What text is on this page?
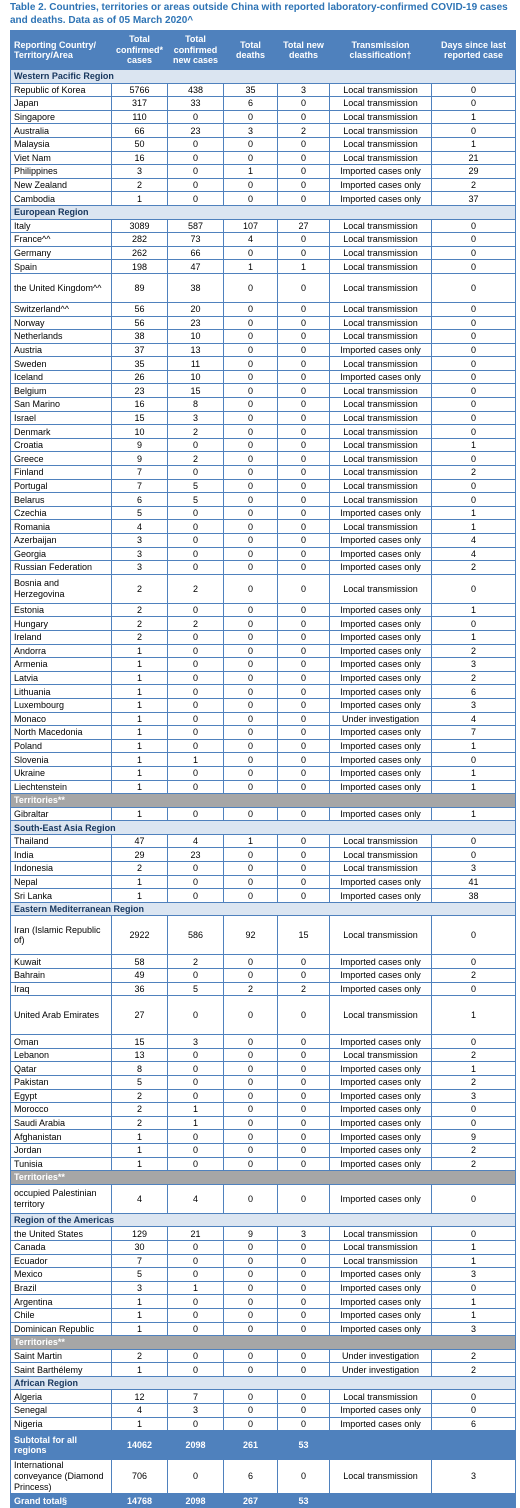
Table 2. Countries, territories or areas outside China with reported laboratory-confirmed COVID-19 cases and deaths. Data as of 05 March 2020^
Reporting Country/ Territory/Area	Total confirmed* cases	Total confirmed new cases	Total deaths	Total new deaths	Transmission classification†	Days since last reported case
Western Pacific Region						
Republic of Korea	5766	438	35	3	Local transmission	0
Japan	317	33	6	0	Local transmission	0
Singapore	110	0	0	0	Local transmission	1
Australia	66	23	3	2	Local transmission	0
Malaysia	50	0	0	0	Local transmission	1
Viet Nam	16	0	0	0	Local transmission	21
Philippines	3	0	1	0	Imported cases only	29
New Zealand	2	0	0	0	Imported cases only	2
Cambodia	1	0	0	0	Imported cases only	37
European Region						
Italy	3089	587	107	27	Local transmission	0
France^^	282	73	4	0	Local transmission	0
Germany	262	66	0	0	Local transmission	0
Spain	198	47	1	1	Local transmission	0
the United Kingdom^^	89	38	0	0	Local transmission	0
Switzerland^^	56	20	0	0	Local transmission	0
Norway	56	23	0	0	Local transmission	0
Netherlands	38	10	0	0	Local transmission	0
Austria	37	13	0	0	Imported cases only	0
Sweden	35	11	0	0	Local transmission	0
Iceland	26	10	0	0	Imported cases only	0
Belgium	23	15	0	0	Local transmission	0
San Marino	16	8	0	0	Local transmission	0
Israel	15	3	0	0	Local transmission	0
Denmark	10	2	0	0	Local transmission	0
Croatia	9	0	0	0	Local transmission	1
Greece	9	2	0	0	Local transmission	0
Finland	7	0	0	0	Local transmission	2
Portugal	7	5	0	0	Local transmission	0
Belarus	6	5	0	0	Local transmission	0
Czechia	5	0	0	0	Imported cases only	1
Romania	4	0	0	0	Local transmission	1
Azerbaijan	3	0	0	0	Imported cases only	4
Georgia	3	0	0	0	Imported cases only	4
Russian Federation	3	0	0	0	Imported cases only	2
Bosnia and Herzegovina	2	2	0	0	Local transmission	0
Estonia	2	0	0	0	Imported cases only	1
Hungary	2	2	0	0	Imported cases only	0
Ireland	2	0	0	0	Imported cases only	1
Andorra	1	0	0	0	Imported cases only	2
Armenia	1	0	0	0	Imported cases only	3
Latvia	1	0	0	0	Imported cases only	2
Lithuania	1	0	0	0	Imported cases only	6
Luxembourg	1	0	0	0	Imported cases only	3
Monaco	1	0	0	0	Under investigation	4
North Macedonia	1	0	0	0	Imported cases only	7
Poland	1	0	0	0	Imported cases only	1
Slovenia	1	1	0	0	Imported cases only	0
Ukraine	1	0	0	0	Imported cases only	1
Liechtenstein	1	0	0	0	Imported cases only	1
Territories**						
Gibraltar	1	0	0	0	Imported cases only	1
South-East Asia Region						
Thailand	47	4	1	0	Local transmission	0
India	29	23	0	0	Local transmission	0
Indonesia	2	0	0	0	Local transmission	3
Nepal	1	0	0	0	Imported cases only	41
Sri Lanka	1	0	0	0	Imported cases only	38
Eastern Mediterranean Region						
Iran (Islamic Republic of)	2922	586	92	15	Local transmission	0
Kuwait	58	2	0	0	Imported cases only	0
Bahrain	49	0	0	0	Imported cases only	2
Iraq	36	5	2	2	Imported cases only	0
United Arab Emirates	27	0	0	0	Local transmission	1
Oman	15	3	0	0	Imported cases only	0
Lebanon	13	0	0	0	Local transmission	2
Qatar	8	0	0	0	Imported cases only	1
Pakistan	5	0	0	0	Imported cases only	2
Egypt	2	0	0	0	Imported cases only	3
Morocco	2	1	0	0	Imported cases only	0
Saudi Arabia	2	1	0	0	Imported cases only	0
Afghanistan	1	0	0	0	Imported cases only	9
Jordan	1	0	0	0	Imported cases only	2
Tunisia	1	0	0	0	Imported cases only	2
Territories**						
occupied Palestinian territory	4	4	0	0	Imported cases only	0
Region of the Americas						
the United States	129	21	9	3	Local transmission	0
Canada	30	0	0	0	Local transmission	1
Ecuador	7	0	0	0	Local transmission	1
Mexico	5	0	0	0	Imported cases only	3
Brazil	3	1	0	0	Imported cases only	0
Argentina	1	0	0	0	Imported cases only	1
Chile	1	0	0	0	Imported cases only	1
Dominican Republic	1	0	0	0	Imported cases only	3
Territories**						
Saint Martin	2	0	0	0	Under investigation	2
Saint Barthélemy	1	0	0	0	Under investigation	2
African Region						
Algeria	12	7	0	0	Local transmission	0
Senegal	4	3	0	0	Imported cases only	0
Nigeria	1	0	0	0	Imported cases only	6
Subtotal for all regions	14062	2098	261	53		
International conveyance (Diamond Princess)	706	0	6	0	Local transmission	3
Grand total§	14768	2098	267	53		
